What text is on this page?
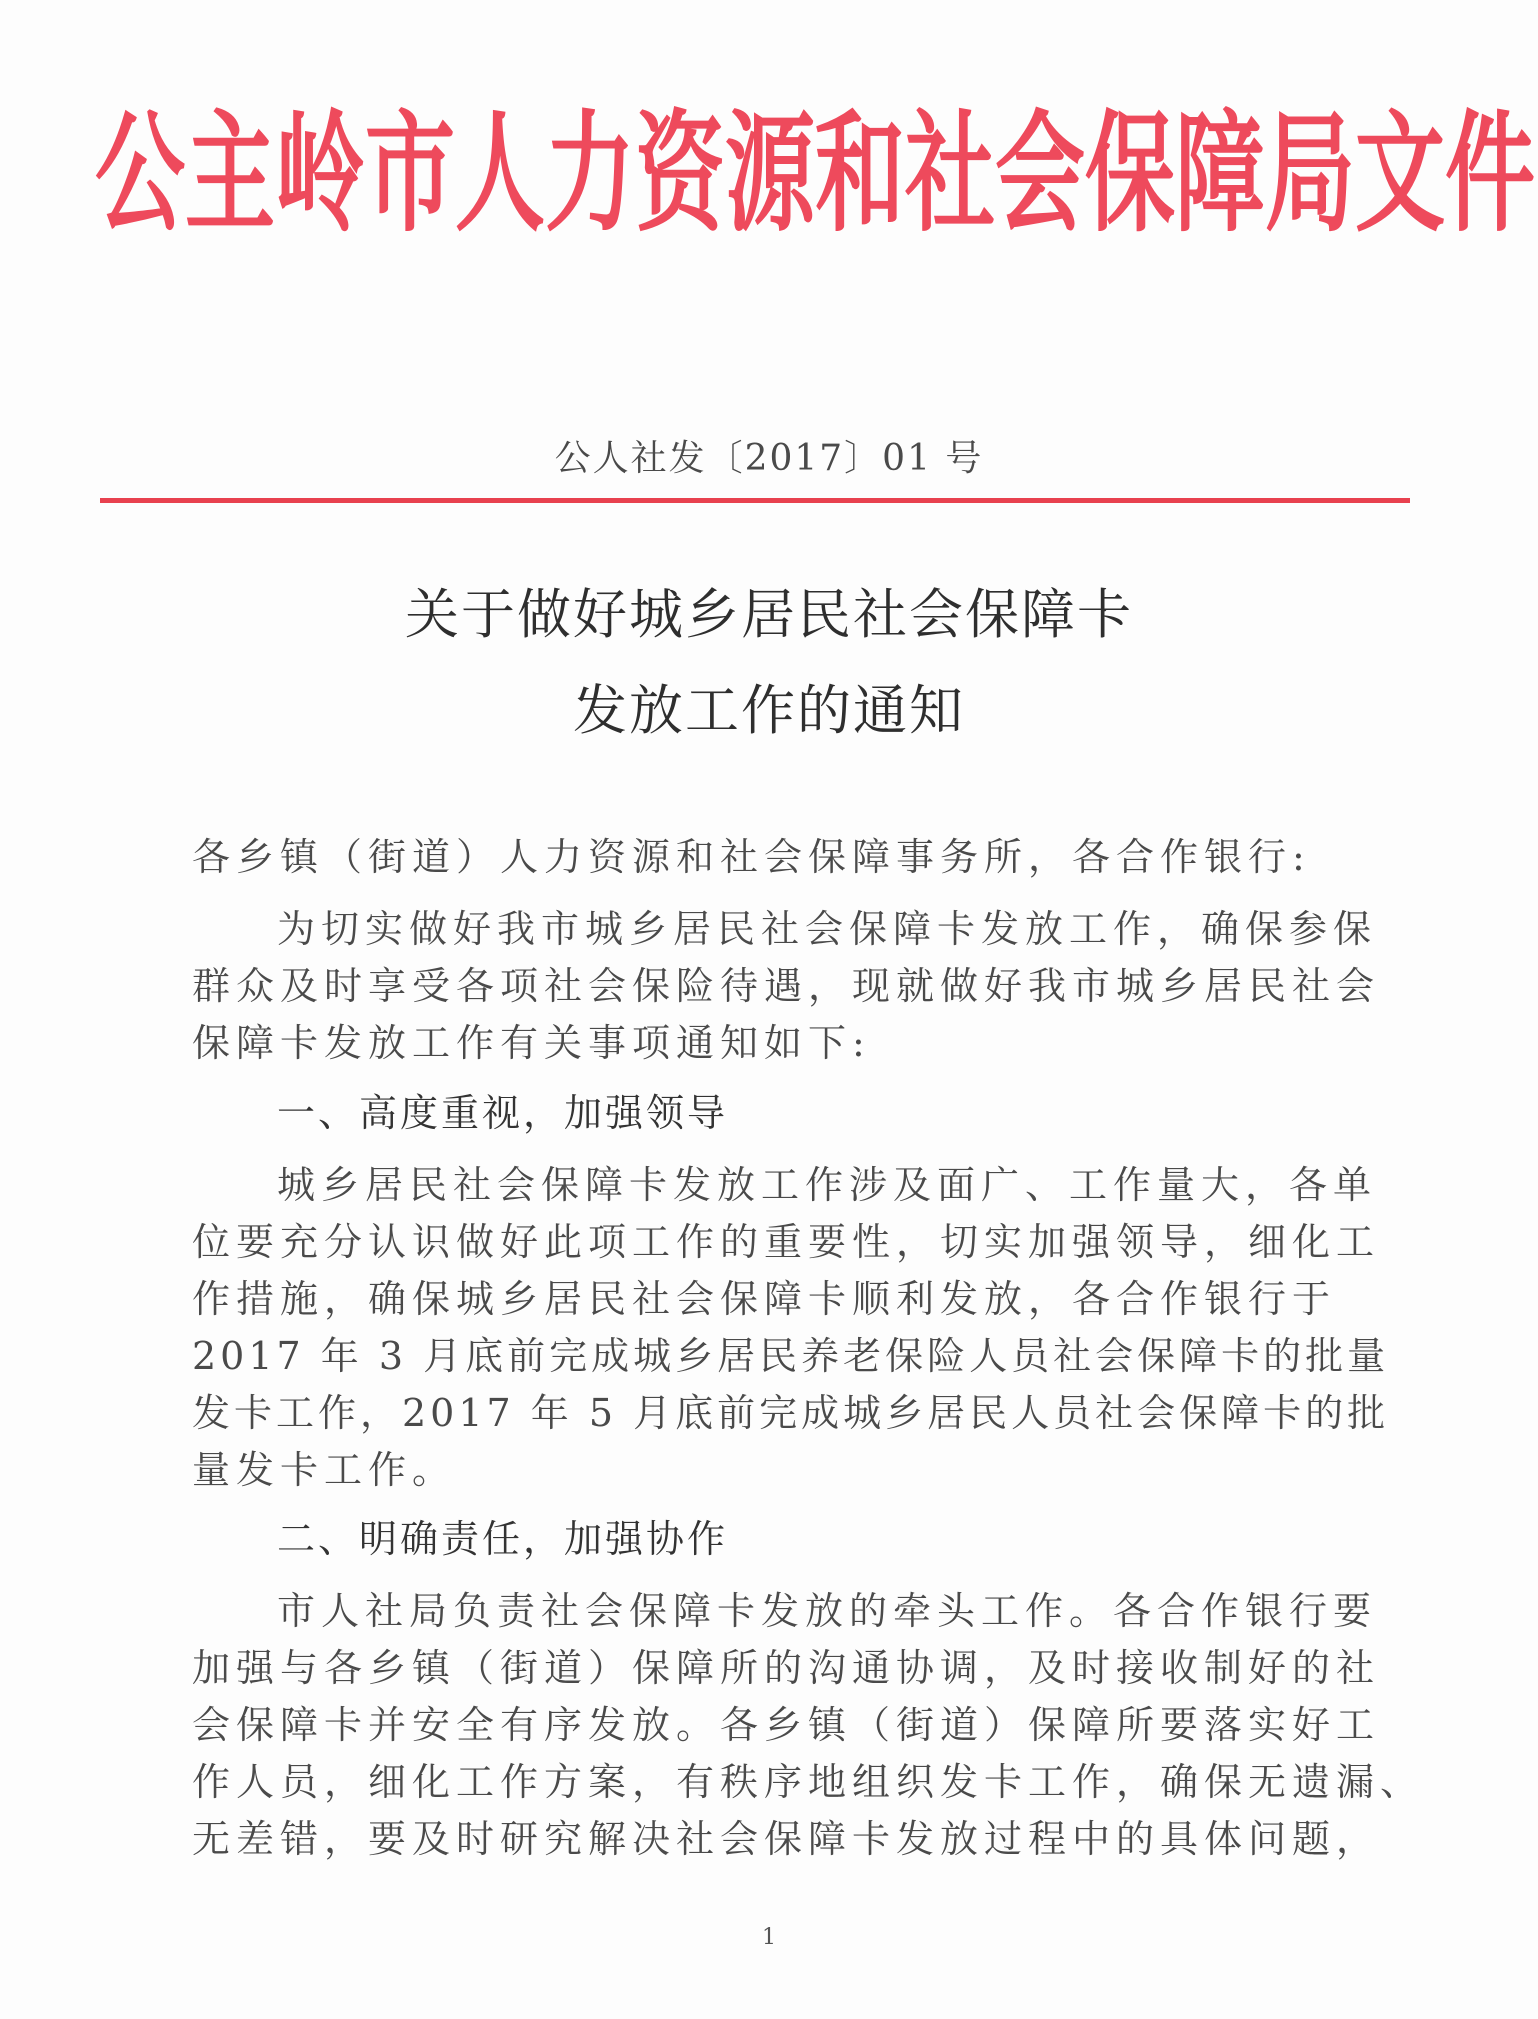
公主岭市人力资源和社会保障局文件
公人社发〔2017〕01 号
关于做好城乡居民社会保障卡
发放工作的通知
各乡镇（街道）人力资源和社会保障事务所，各合作银行:
为切实做好我市城乡居民社会保障卡发放工作，确保参保
群众及时享受各项社会保险待遇，现就做好我市城乡居民社会
保障卡发放工作有关事项通知如下:
一、高度重视，加强领导
城乡居民社会保障卡发放工作涉及面广、工作量大，各单
位要充分认识做好此项工作的重要性，切实加强领导，细化工
作措施，确保城乡居民社会保障卡顺利发放，各合作银行于
2017 年 3 月底前完成城乡居民养老保险人员社会保障卡的批量
发卡工作，2017 年 5 月底前完成城乡居民人员社会保障卡的批
量发卡工作。
二、明确责任，加强协作
市人社局负责社会保障卡发放的牵头工作。各合作银行要
加强与各乡镇（街道）保障所的沟通协调，及时接收制好的社
会保障卡并安全有序发放。各乡镇（街道）保障所要落实好工
作人员，细化工作方案，有秩序地组织发卡工作，确保无遗漏、
无差错，要及时研究解决社会保障卡发放过程中的具体问题，
1
